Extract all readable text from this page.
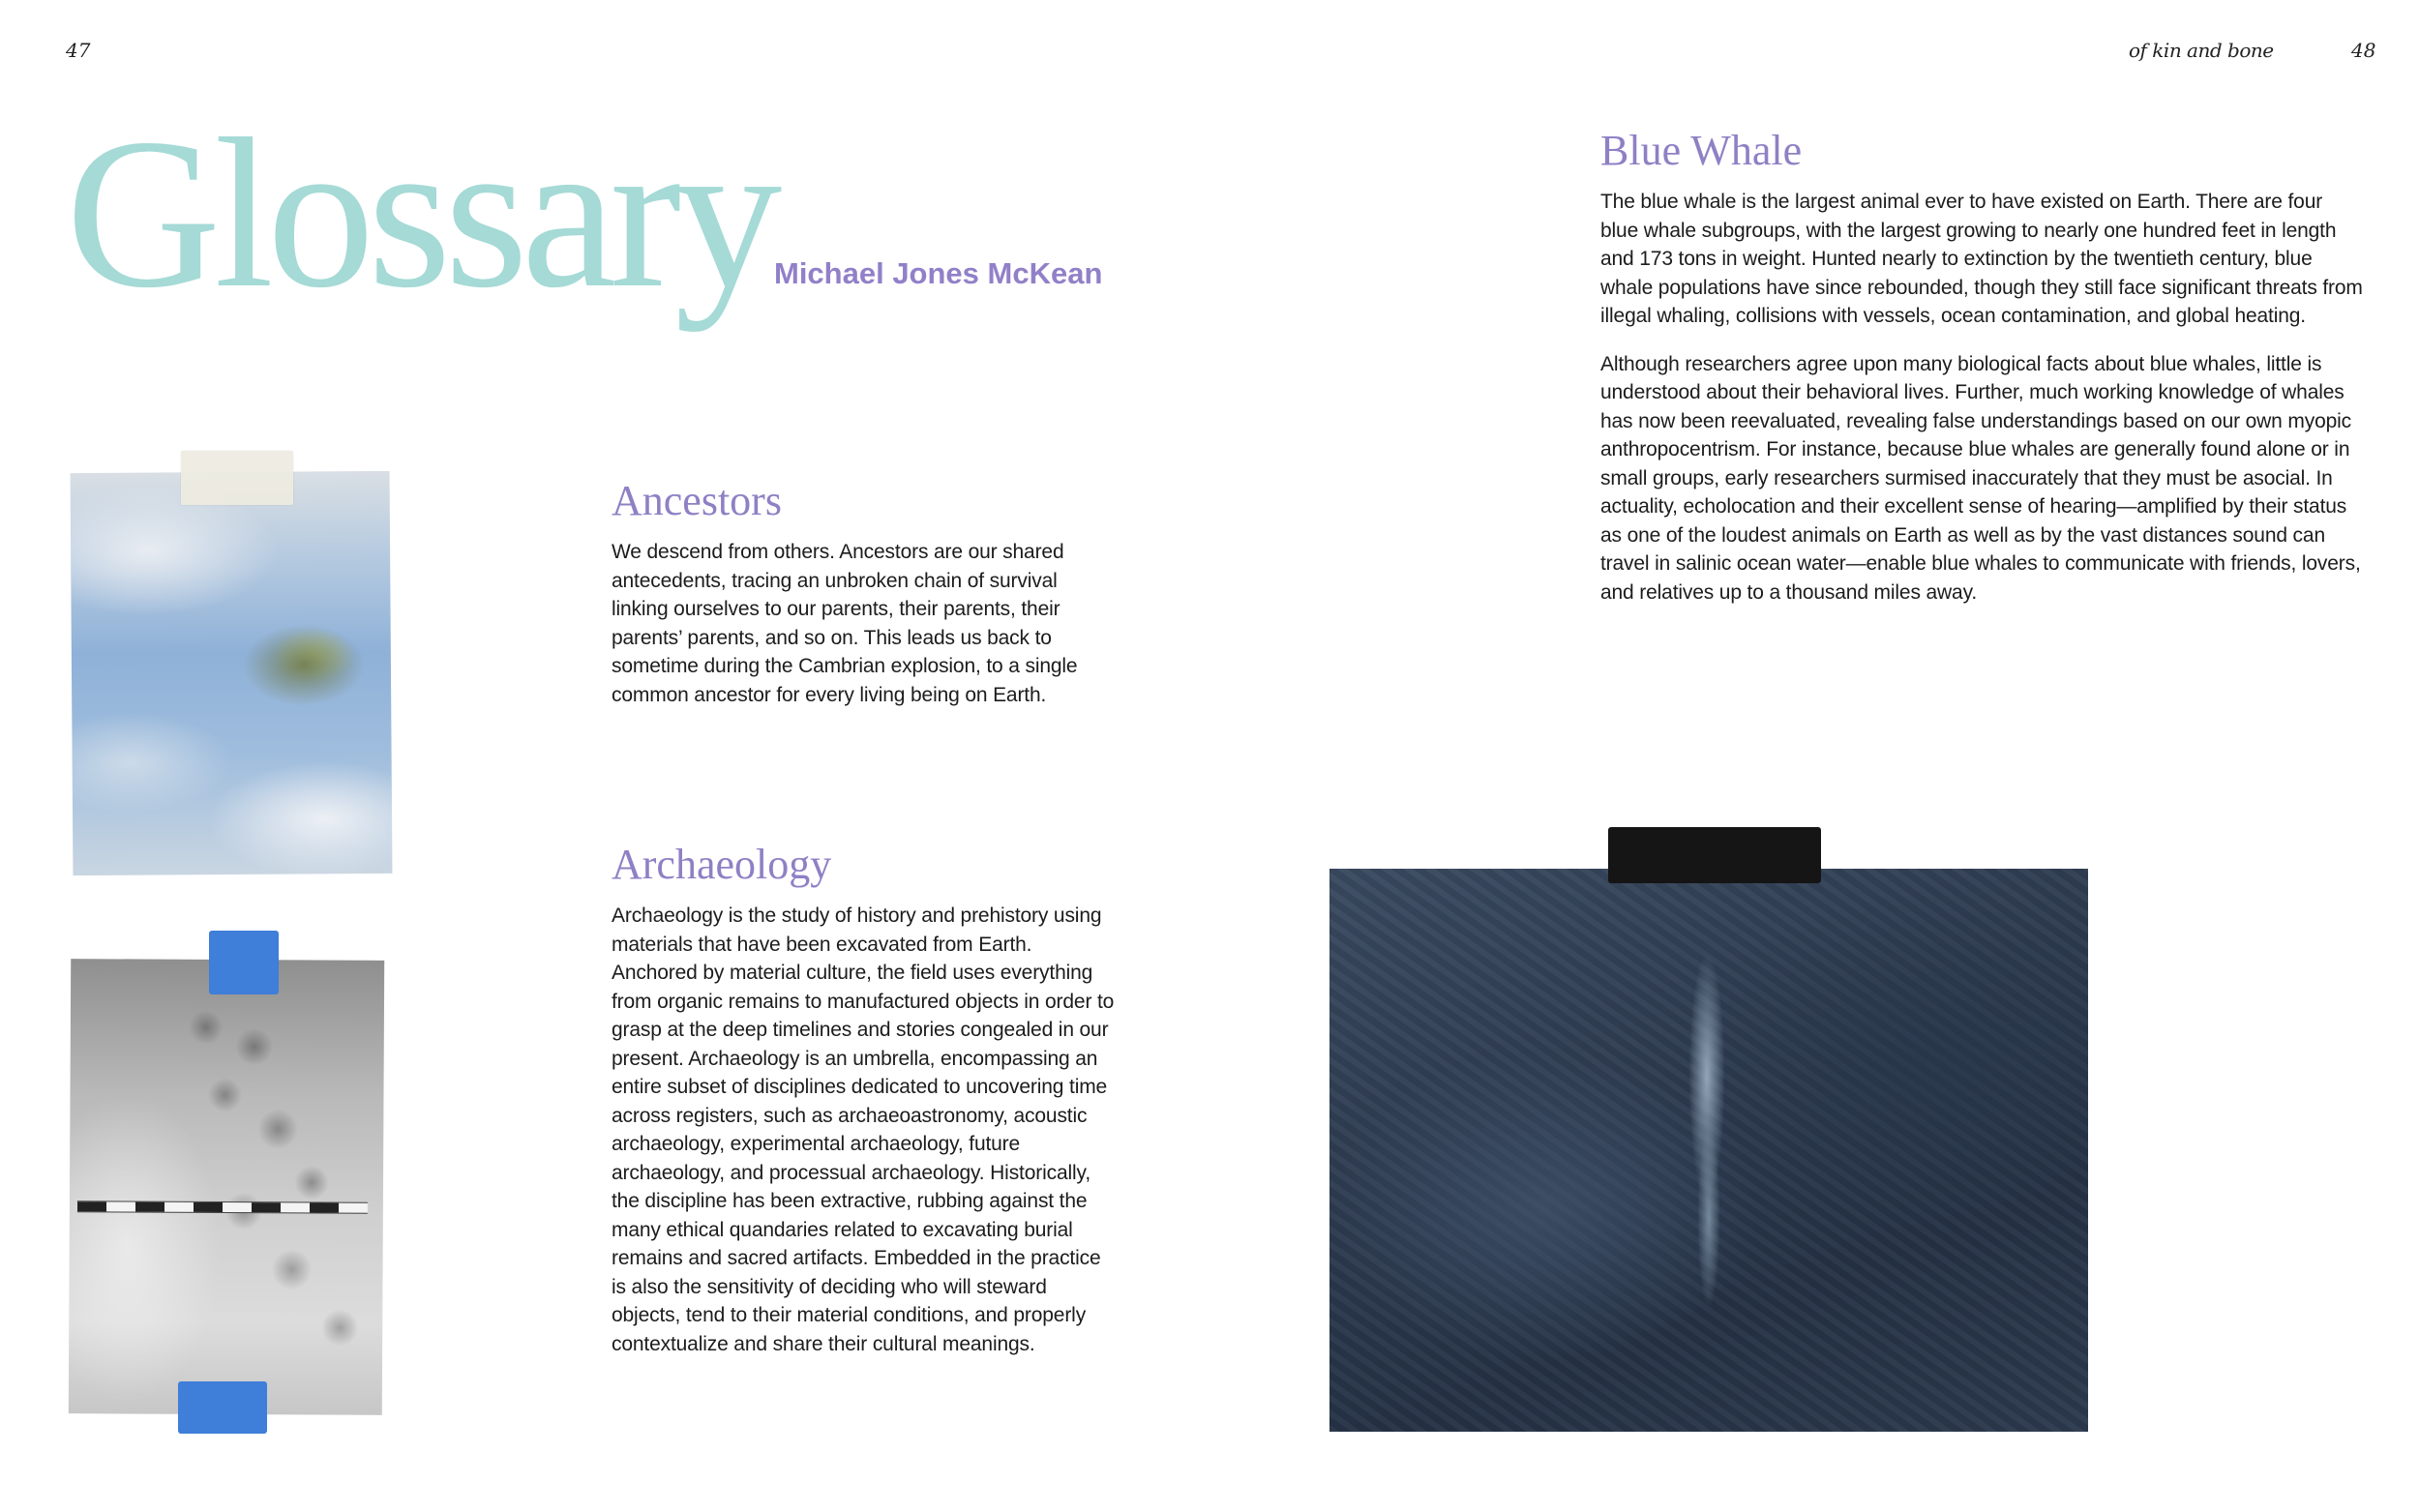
47	of kin and bone	48
Glossary
Michael Jones McKean
Ancestors

We descend from others. Ancestors are our shared antecedents, tracing an unbroken chain of survival linking ourselves to our parents, their parents, their parents’ parents, and so on. This leads us back to sometime during the Cambrian explosion, to a single common ancestor for every living being on Earth.

Archaeology

Archaeology is the study of history and prehistory using materials that have been excavated from Earth. Anchored by material culture, the field uses everything from organic remains to manufactured objects in order to grasp at the deep timelines and stories congealed in our present. Archaeology is an umbrella, encompassing an entire subset of disciplines dedicated to uncovering time across registers, such as archaeoastronomy, acoustic archaeology, experimental archaeology, future archaeology, and processual archaeology. Historically, the discipline has been extractive, rubbing against the many ethical quandaries related to excavating burial remains and sacred artifacts. Embedded in the practice is also the sensitivity of deciding who will steward objects, tend to their material conditions, and properly contextualize and share their cultural meanings.

Blue Whale

The blue whale is the largest animal ever to have existed on Earth. There are four blue whale subgroups, with the largest growing to nearly one hundred feet in length and 173 tons in weight. Hunted nearly to extinction by the twentieth century, blue whale populations have since rebounded, though they still face significant threats from illegal whaling, collisions with vessels, ocean contamination, and global heating.

Although researchers agree upon many biological facts about blue whales, little is understood about their behavioral lives. Further, much working knowledge of whales has now been reevaluated, revealing false understandings based on our own myopic anthropocentrism. For instance, because blue whales are generally found alone or in small groups, early researchers surmised inaccurately that they must be asocial. In actuality, echolocation and their excellent sense of hearing—amplified by their status as one of the loudest animals on Earth as well as by the vast distances sound can travel in salinic ocean water—enable blue whales to communicate with friends, lovers, and relatives up to a thousand miles away.
